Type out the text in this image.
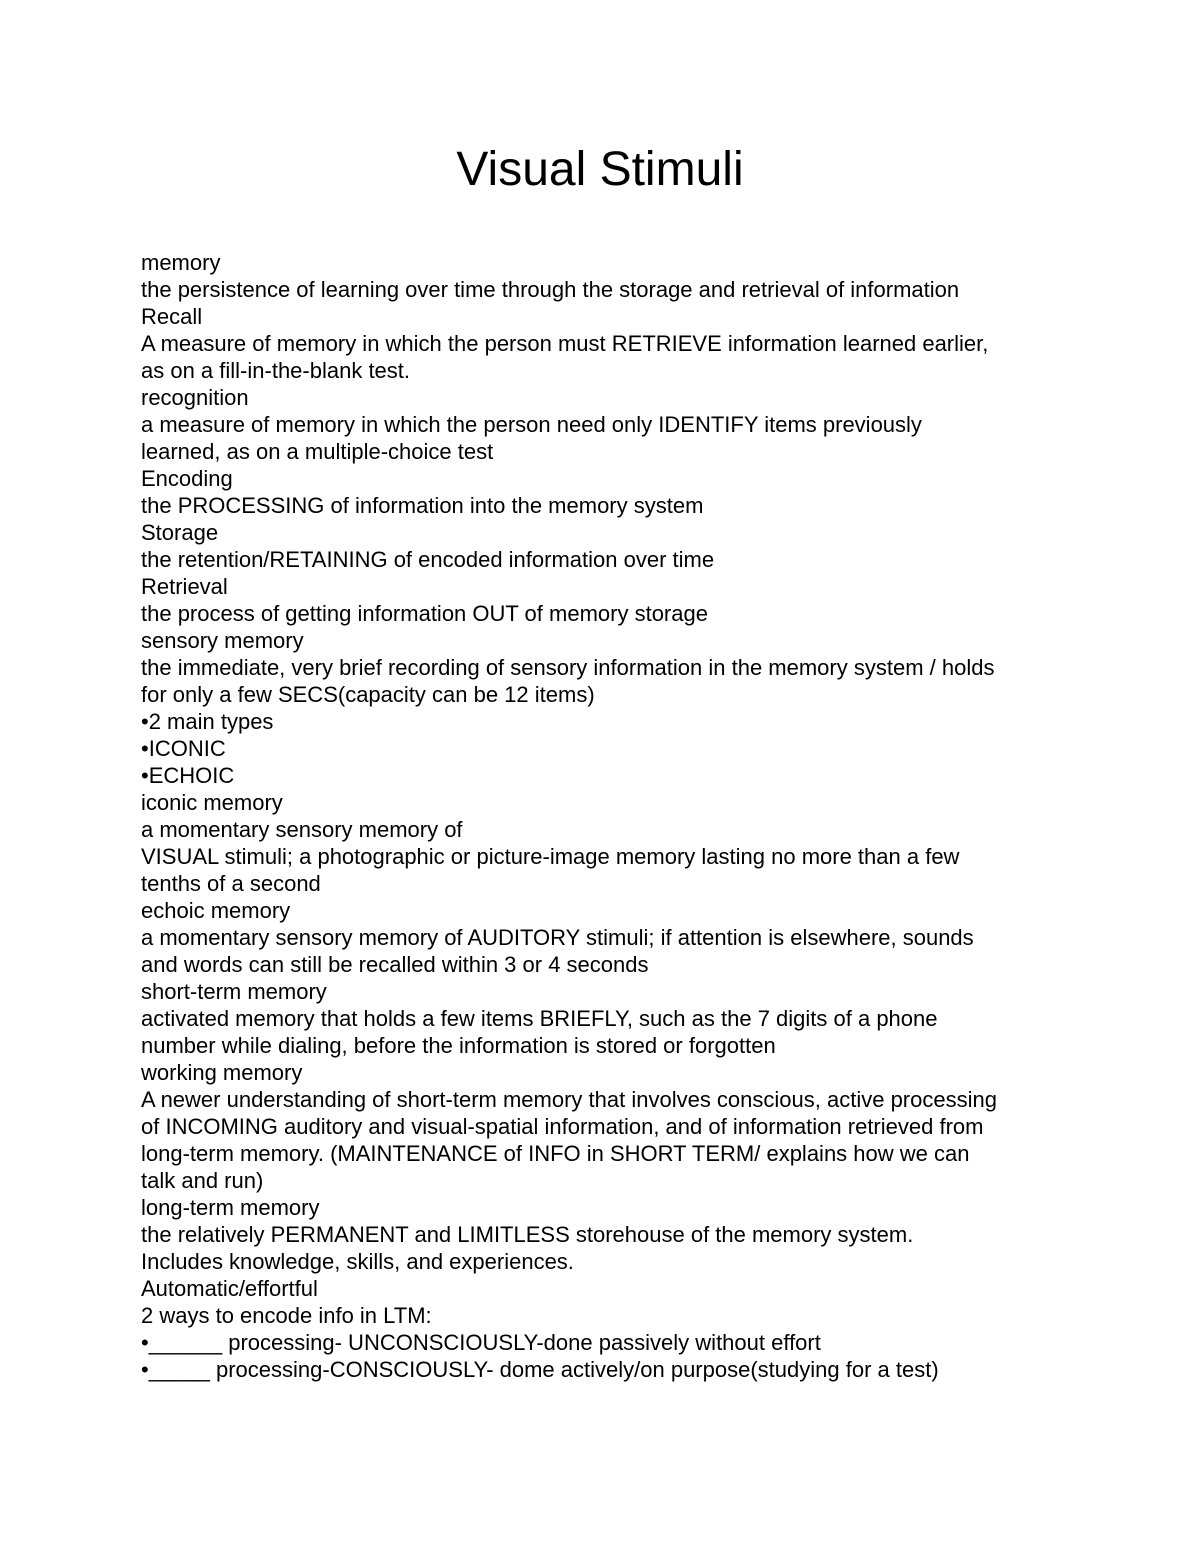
Visual Stimuli

memory

the persistence of learning over time through the storage and retrieval of information

Recall

A measure of memory in which the person must RETRIEVE information learned earlier,

as on a fill-in-the-blank test.

recognition

a measure of memory in which the person need only IDENTIFY items previously

learned, as on a multiple-choice test

Encoding

the PROCESSING of information into the memory system

Storage

the retention/RETAINING of encoded information over time

Retrieval

the process of getting information OUT of memory storage

sensory memory

the immediate, very brief recording of sensory information in the memory system / holds

for only a few SECS(capacity can be 12 items)

•2 main types

•ICONIC

•ECHOIC

iconic memory

a momentary sensory memory of

VISUAL stimuli; a photographic or picture-image memory lasting no more than a few

tenths of a second

echoic memory

a momentary sensory memory of AUDITORY stimuli; if attention is elsewhere, sounds

and words can still be recalled within 3 or 4 seconds

short-term memory

activated memory that holds a few items BRIEFLY, such as the 7 digits of a phone

number while dialing, before the information is stored or forgotten

working memory

A newer understanding of short-term memory that involves conscious, active processing

of INCOMING auditory and visual-spatial information, and of information retrieved from

long-term memory. (MAINTENANCE of INFO in SHORT TERM/ explains how we can

talk and run)

long-term memory

the relatively PERMANENT and LIMITLESS storehouse of the memory system.

Includes knowledge, skills, and experiences.

Automatic/effortful

2 ways to encode info in LTM:

•______ processing- UNCONSCIOUSLY-done passively without effort

•_____ processing-CONSCIOUSLY- dome actively/on purpose(studying for a test)
